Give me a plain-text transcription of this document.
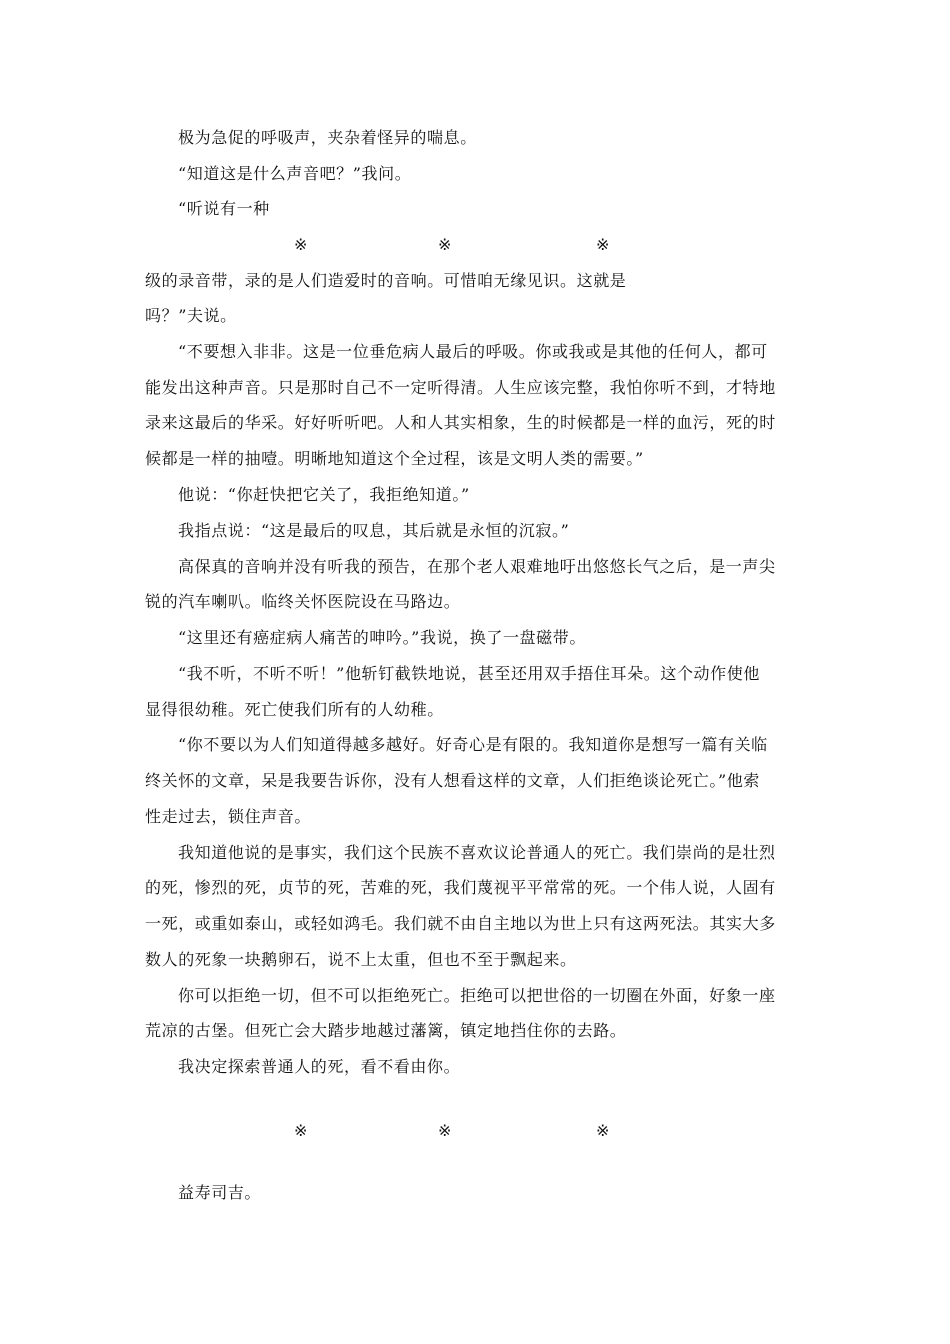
极为急促的呼吸声，夹杂着怪异的喘息。
“知道这是什么声音吧？”我问。
“听说有一种
※	※	※
级的录音带，录的是人们造爱时的音响。可惜咱无缘见识。这就是
吗？”夫说。
“不要想入非非。这是一位垂危病人最后的呼吸。你或我或是其他的任何人，都可
能发出这种声音。只是那时自己不一定听得清。人生应该完整，我怕你听不到，才特地
录来这最后的华采。好好听听吧。人和人其实相象，生的时候都是一样的血污，死的时
候都是一样的抽噎。明晰地知道这个全过程，该是文明人类的需要。”
他说：“你赶快把它关了，我拒绝知道。”
我指点说：“这是最后的叹息，其后就是永恒的沉寂。”
高保真的音响并没有听我的预告，在那个老人艰难地吁出悠悠长气之后，是一声尖
锐的汽车喇叭。临终关怀医院设在马路边。
“这里还有癌症病人痛苦的呻吟。”我说，换了一盘磁带。
“我不听，不听不听！”他斩钉截铁地说，甚至还用双手捂住耳朵。这个动作使他
显得很幼稚。死亡使我们所有的人幼稚。
“你不要以为人们知道得越多越好。好奇心是有限的。我知道你是想写一篇有关临
终关怀的文章，呆是我要告诉你，没有人想看这样的文章，人们拒绝谈论死亡。”他索
性走过去，锁住声音。
我知道他说的是事实，我们这个民族不喜欢议论普通人的死亡。我们崇尚的是壮烈
的死，惨烈的死，贞节的死，苦难的死，我们蔑视平平常常的死。一个伟人说，人固有
一死，或重如泰山，或轻如鸿毛。我们就不由自主地以为世上只有这两死法。其实大多
数人的死象一块鹅卵石，说不上太重，但也不至于飘起来。
你可以拒绝一切，但不可以拒绝死亡。拒绝可以把世俗的一切圈在外面，好象一座
荒凉的古堡。但死亡会大踏步地越过藩篱，镇定地挡住你的去路。
我决定探索普通人的死，看不看由你。
※	※	※
益寿司吉。
